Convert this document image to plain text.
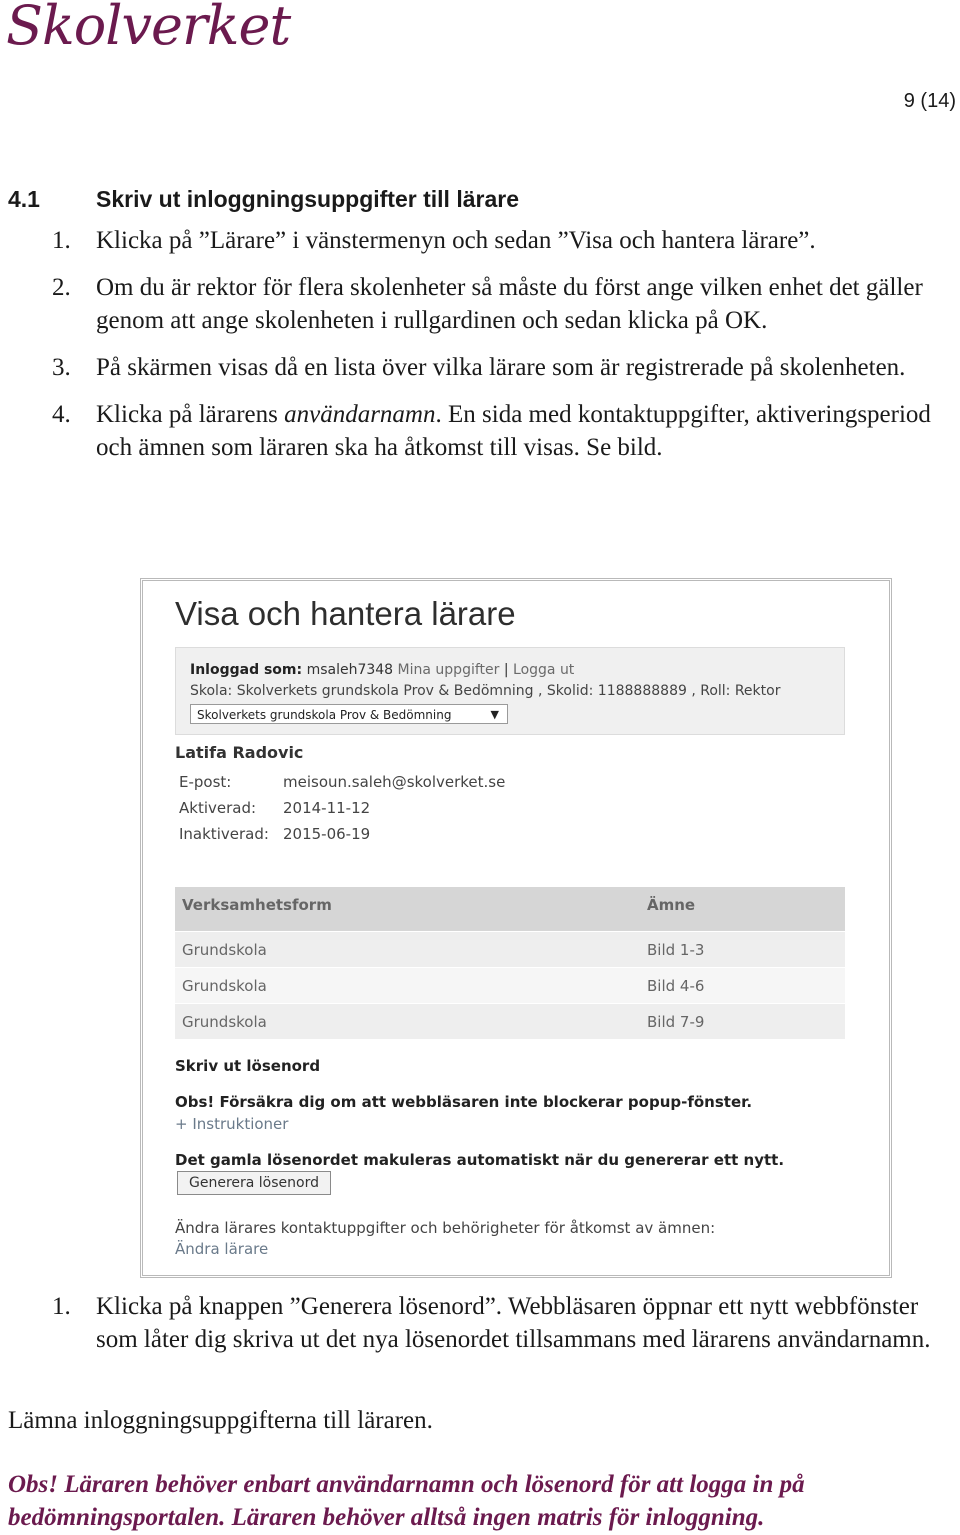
Skolverket
9 (14)
4.1 Skriv ut inloggningsuppgifter till lärare
1. Klicka på ”Lärare” i vänstermenyn och sedan ”Visa och hantera lärare”.
2. Om du är rektor för flera skolenheter så måste du först ange vilken enhet det gäller genom att ange skolenheten i rullgardinen och sedan klicka på OK.
3. På skärmen visas då en lista över vilka lärare som är registrerade på skolenheten.
4. Klicka på lärarens användarnamn. En sida med kontaktuppgifter, aktiveringsperiod och ämnen som läraren ska ha åtkomst till visas. Se bild.
Visa och hantera lärare
Inloggad som: msaleh7348 Mina uppgifter | Logga ut
Skola: Skolverkets grundskola Prov & Bedömning , Skolid: 1188888889 , Roll: Rektor
Skolverkets grundskola Prov & Bedömning	▼
Latifa Radovic
E-post:	meisoun.saleh@skolverket.se
Aktiverad: 2014-11-12
Inaktiverad: 2015-06-19
Verksamhetsform	Ämne
Grundskola	Bild 1-3
Grundskola	Bild 4-6
Grundskola	Bild 7-9
Skriv ut lösenord
Obs! Försäkra dig om att webbläsaren inte blockerar popup-fönster.
+ Instruktioner
Det gamla lösenordet makuleras automatiskt när du genererar ett nytt.
Generera lösenord
Ändra lärares kontaktuppgifter och behörigheter för åtkomst av ämnen:
Ändra lärare
1. Klicka på knappen ”Generera lösenord”. Webbläsaren öppnar ett nytt webbfönster som låter dig skriva ut det nya lösenordet tillsammans med lärarens användarnamn.
Lämna inloggningsuppgifterna till läraren.
Obs! Läraren behöver enbart användarnamn och lösenord för att logga in på bedömningsportalen. Läraren behöver alltså ingen matris för inloggning.
